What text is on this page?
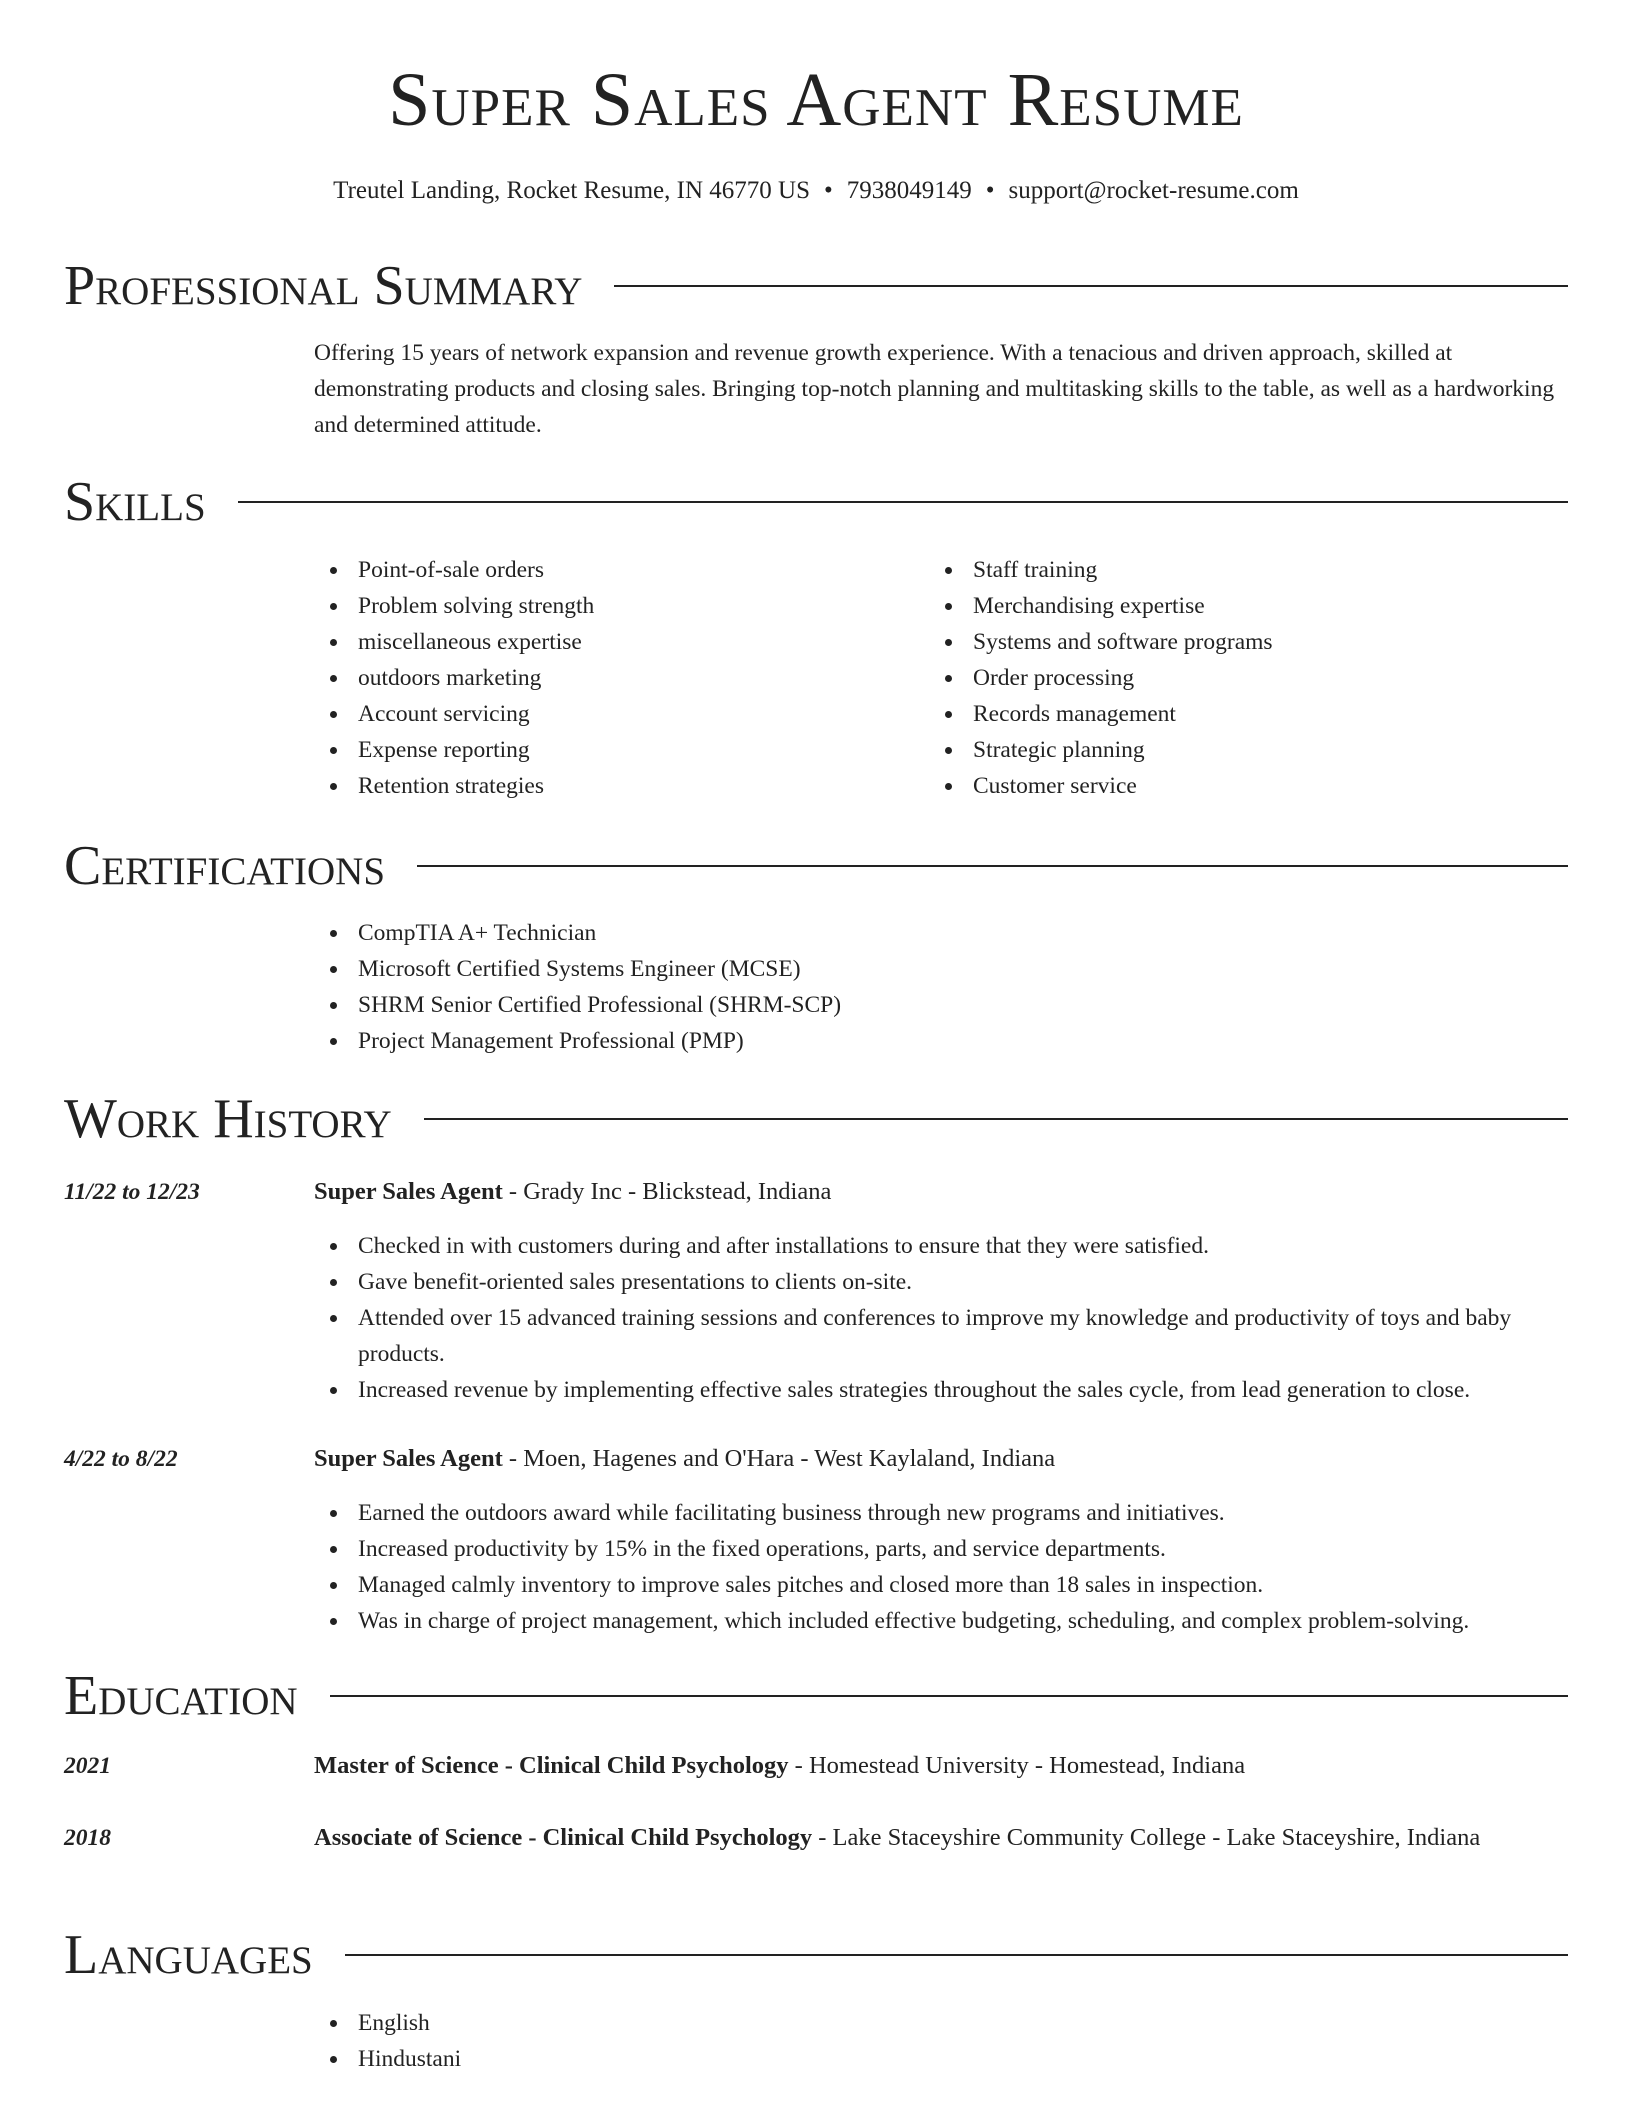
Super Sales Agent Resume
Treutel Landing, Rocket Resume, IN 46770 US • 7938049149 • support@rocket-resume.com
Professional Summary

Offering 15 years of network expansion and revenue growth experience. With a tenacious and driven approach, skilled at demonstrating products and closing sales. Bringing top-notch planning and multitasking skills to the table, as well as a hardworking and determined attitude.

Skills
Point-of-sale orders
Problem solving strength
miscellaneous expertise
outdoors marketing
Account servicing
Expense reporting
Retention strategies
Staff training
Merchandising expertise
Systems and software programs
Order processing
Records management
Strategic planning
Customer service
Certifications
CompTIA A+ Technician
Microsoft Certified Systems Engineer (MCSE)
SHRM Senior Certified Professional (SHRM-SCP)
Project Management Professional (PMP)
Work History
11/22 to 12/23	Super Sales Agent - Grady Inc - Blickstead, Indiana
Checked in with customers during and after installations to ensure that they were satisfied.
Gave benefit-oriented sales presentations to clients on-site.
Attended over 15 advanced training sessions and conferences to improve my knowledge and productivity of toys and baby products.
Increased revenue by implementing effective sales strategies throughout the sales cycle, from lead generation to close.
4/22 to 8/22	Super Sales Agent - Moen, Hagenes and O'Hara - West Kaylaland, Indiana
Earned the outdoors award while facilitating business through new programs and initiatives.
Increased productivity by 15% in the fixed operations, parts, and service departments.
Managed calmly inventory to improve sales pitches and closed more than 18 sales in inspection.
Was in charge of project management, which included effective budgeting, scheduling, and complex problem-solving.
Education
2021	Master of Science - Clinical Child Psychology - Homestead University - Homestead, Indiana
2018	Associate of Science - Clinical Child Psychology - Lake Staceyshire Community College - Lake Staceyshire, Indiana
Languages
English
Hindustani
